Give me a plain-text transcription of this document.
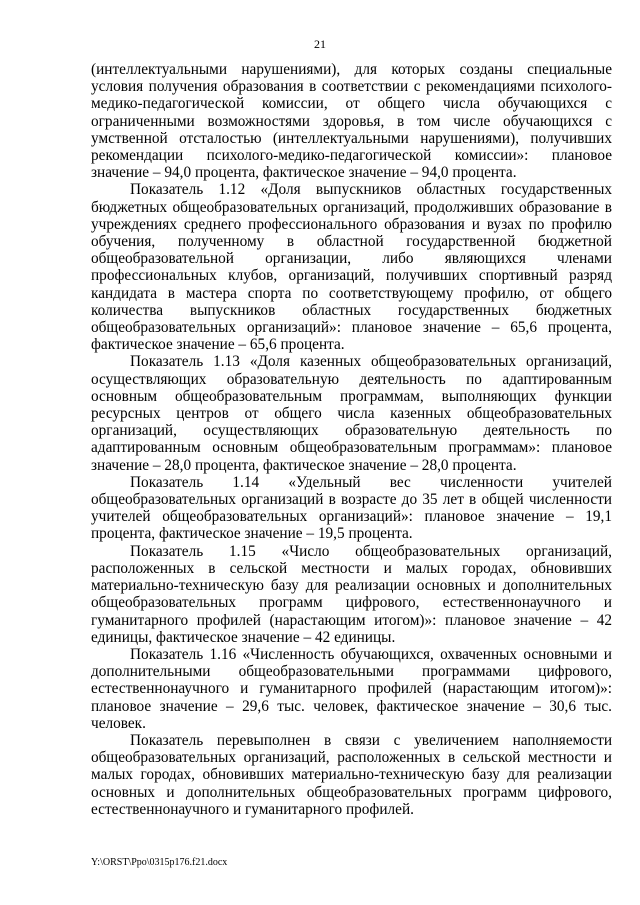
21

(интеллектуальными нарушениями), для которых созданы специальные условия получения образования в соответствии с рекомендациями психолого-медико-педагогической комиссии, от общего числа обучающихся с ограниченными возможностями здоровья, в том числе обучающихся с умственной отсталостью (интеллектуальными нарушениями), получивших рекомендации психолого-медико-педагогической комиссии»: плановое значение – 94,0 процента, фактическое значение – 94,0 процента.

Показатель 1.12 «Доля выпускников областных государственных бюджетных общеобразовательных организаций, продолживших образование в учреждениях среднего профессионального образования и вузах по профилю обучения, полученному в областной государственной бюджетной общеобразовательной организации, либо являющихся членами профессиональных клубов, организаций, получивших спортивный разряд кандидата в мастера спорта по соответствующему профилю, от общего количества выпускников областных государственных бюджетных общеобразовательных организаций»: плановое значение – 65,6 процента, фактическое значение – 65,6 процента.

Показатель 1.13 «Доля казенных общеобразовательных организаций, осуществляющих образовательную деятельность по адаптированным основным общеобразовательным программам, выполняющих функции ресурсных центров от общего числа казенных общеобразовательных организаций, осуществляющих образовательную деятельность по адаптированным основным общеобразовательным программам»: плановое значение – 28,0 процента, фактическое значение – 28,0 процента.

Показатель 1.14 «Удельный вес численности учителей общеобразовательных организаций в возрасте до 35 лет в общей численности учителей общеобразовательных организаций»: плановое значение – 19,1 процента, фактическое значение – 19,5 процента.

Показатель 1.15 «Число общеобразовательных организаций, расположенных в сельской местности и малых городах, обновивших материально-техническую базу для реализации основных и дополнительных общеобразовательных программ цифрового, естественнонаучного и гуманитарного профилей (нарастающим итогом)»: плановое значение – 42 единицы, фактическое значение – 42 единицы.

Показатель 1.16 «Численность обучающихся, охваченных основными и дополнительными общеобразовательными программами цифрового, естественнонаучного и гуманитарного профилей (нарастающим итогом)»: плановое значение – 29,6 тыс. человек, фактическое значение – 30,6 тыс. человек.

Показатель перевыполнен в связи с увеличением наполняемости общеобразовательных организаций, расположенных в сельской местности и малых городах, обновивших материально-техническую базу для реализации основных и дополнительных общеобразовательных программ цифрового, естественнонаучного и гуманитарного профилей.

Y:\ORST\Ppo\0315p176.f21.docx
